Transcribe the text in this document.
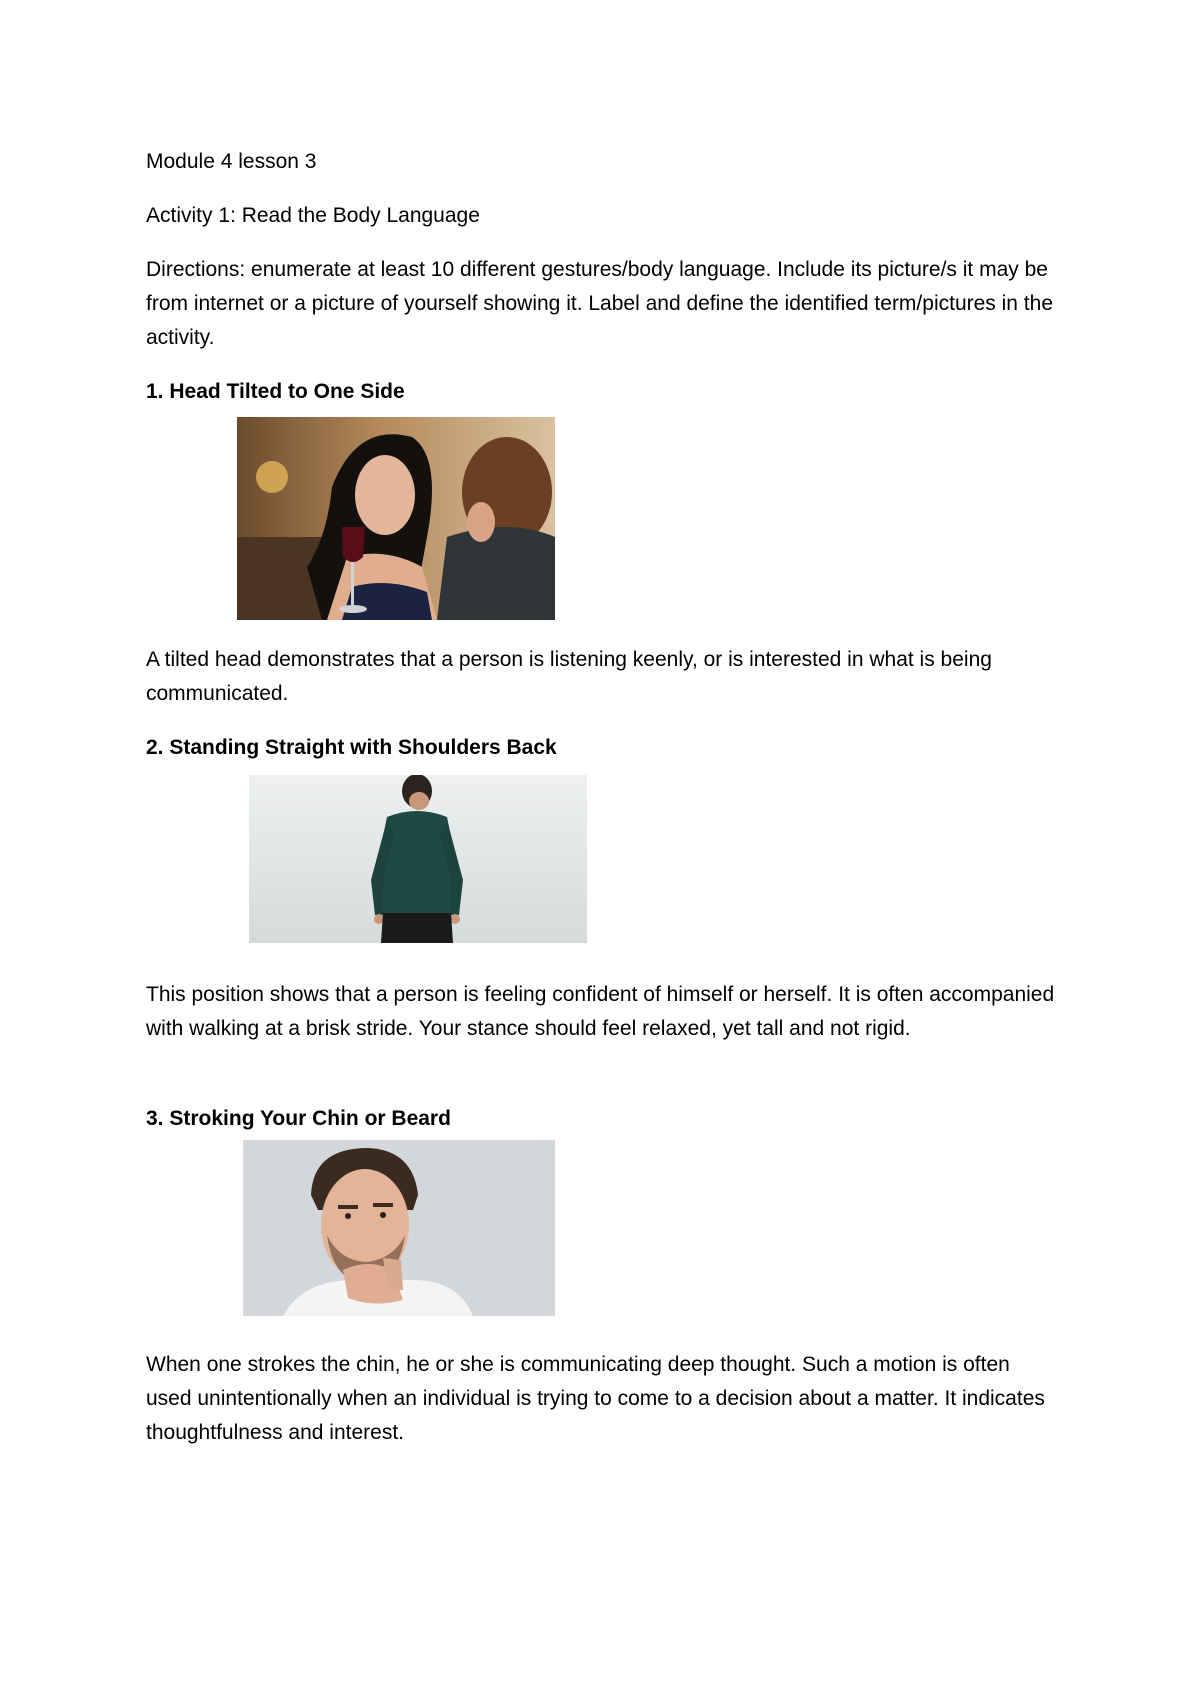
Module 4 lesson 3
Activity 1: Read the Body Language
Directions: enumerate at least 10 different gestures/body language. Include its picture/s it may be from internet or a picture of yourself showing it. Label and define the identified term/pictures in the activity.
1. Head Tilted to One Side
A tilted head demonstrates that a person is listening keenly, or is interested in what is being communicated.
2. Standing Straight with Shoulders Back
This position shows that a person is feeling confident of himself or herself. It is often accompanied with walking at a brisk stride. Your stance should feel relaxed, yet tall and not rigid.
3. Stroking Your Chin or Beard
When one strokes the chin, he or she is communicating deep thought. Such a motion is often used unintentionally when an individual is trying to come to a decision about a matter. It indicates thoughtfulness and interest.
